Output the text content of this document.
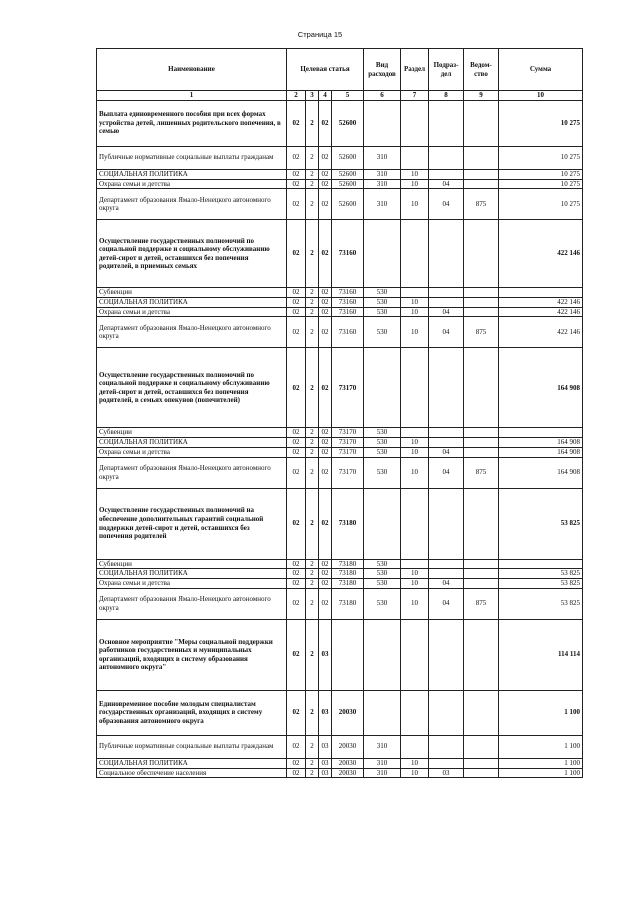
Страница 15
Наименование	Целевая статья				Вид расходов	Раздел	Подраз-дел	Ведом-ство	Сумма
1	2	3	4	5	6	7	8	9	10
Выплата единовременного пособия при всех формах устройства детей, лишенных родительского попечения, в семью	02	2	02	52600					10 275
Публичные нормативные социальные выплаты гражданам	02	2	02	52600	310				10 275
СОЦИАЛЬНАЯ ПОЛИТИКА	02	2	02	52600	310	10			10 275
Охрана семьи и детства	02	2	02	52600	310	10	04		10 275
Департамент образования Ямало-Ненецкого автономного округа	02	2	02	52600	310	10	04	875	10 275
Осуществление государственных полномочий по социальной поддержке и социальному обслуживанию детей-сирот и детей, оставшихся без попечения родителей, в приемных семьях	02	2	02	73160					422 146
Субвенции	02	2	02	73160	530				
СОЦИАЛЬНАЯ ПОЛИТИКА	02	2	02	73160	530	10			422 146
Охрана семьи и детства	02	2	02	73160	530	10	04		422 146
Департамент образования Ямало-Ненецкого автономного округа	02	2	02	73160	530	10	04	875	422 146
Осуществление государственных полномочий по социальной поддержке и социальному обслуживанию детей-сирот и детей, оставшихся без попечения родителей, в семьях опекунов (попечителей)	02	2	02	73170					164 908
Субвенции	02	2	02	73170	530				
СОЦИАЛЬНАЯ ПОЛИТИКА	02	2	02	73170	530	10			164 908
Охрана семьи и детства	02	2	02	73170	530	10	04		164 908
Департамент образования Ямало-Ненецкого автономного округа	02	2	02	73170	530	10	04	875	164 908
Осуществление государственных полномочий на обеспечение дополнительных гарантий социальной поддержки детей-сирот и детей, оставшихся без попечения родителей	02	2	02	73180					53 825
Субвенции	02	2	02	73180	530				
СОЦИАЛЬНАЯ ПОЛИТИКА	02	2	02	73180	530	10			53 825
Охрана семьи и детства	02	2	02	73180	530	10	04		53 825
Департамент образования Ямало-Ненецкого автономного округа	02	2	02	73180	530	10	04	875	53 825
Основное мероприятие "Меры социальной поддержки работников государственных и муниципальных организаций, входящих в систему образования автономного округа"	02	2	03						114 114
Единовременное пособие молодым специалистам государственных организаций, входящих в систему образования автономного округа	02	2	03	20030					1 100
Публичные нормативные социальные выплаты гражданам	02	2	03	20030	310				1 100
СОЦИАЛЬНАЯ ПОЛИТИКА	02	2	03	20030	310	10			1 100
Социальное обеспечение населения	02	2	03	20030	310	10	03		1 100
